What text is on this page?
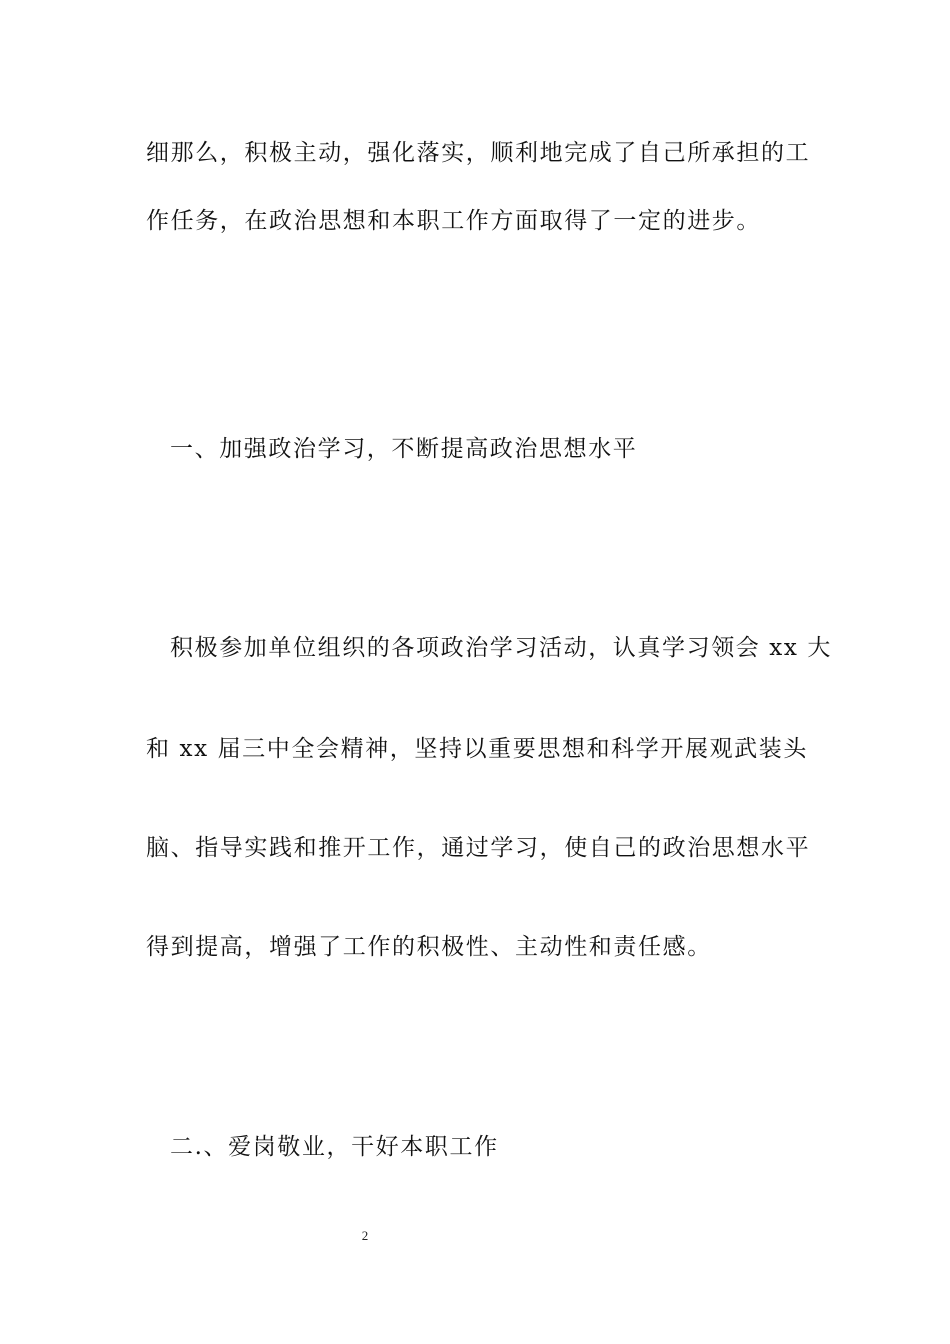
细那么，积极主动，强化落实，顺利地完成了自己所承担的工
作任务，在政治思想和本职工作方面取得了一定的进步。
一、加强政治学习，不断提高政治思想水平
积极参加单位组织的各项政治学习活动，认真学习领会 xx 大
和 xx 届三中全会精神，坚持以重要思想和科学开展观武装头
脑、指导实践和推开工作，通过学习，使自己的政治思想水平
得到提高，增强了工作的积极性、主动性和责任感。
二.、爱岗敬业，干好本职工作
2
